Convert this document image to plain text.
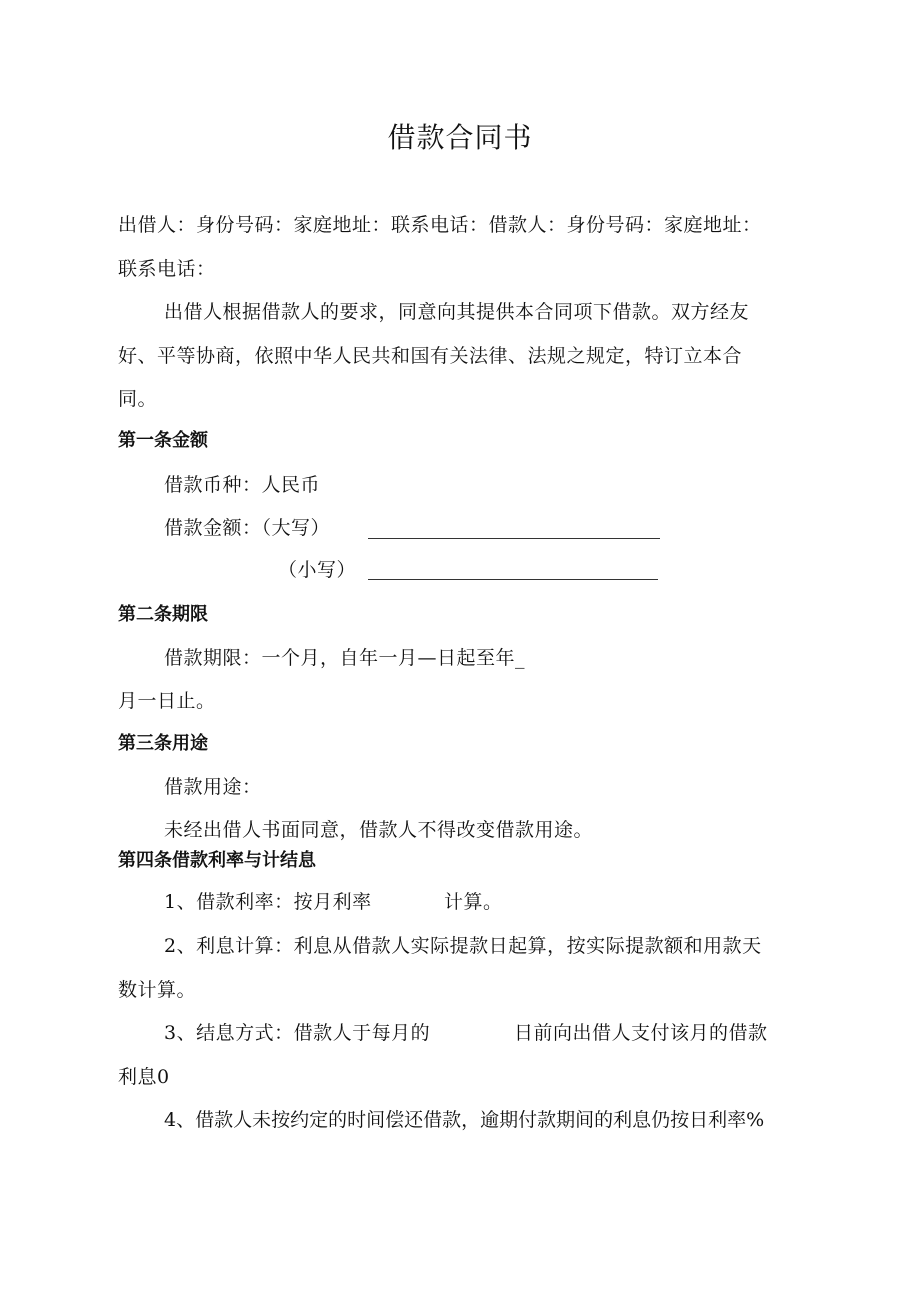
借款合同书
出借人：身份号码：家庭地址：联系电话：借款人：身份号码：家庭地址：
联系电话：
出借人根据借款人的要求，同意向其提供本合同项下借款。双方经友
好、平等协商，依照中华人民共和国有关法律、法规之规定，特订立本合
同。
第一条金额
借款币种：人民币
借款金额：（大写）
（小写）
第二条期限
借款期限：一个月，自年一月—日起至年_
月一日止。
第三条用途
借款用途：
未经出借人书面同意，借款人不得改变借款用途。
第四条借款利率与计结息
1、借款利率：按月利率	计算。
2、利息计算：利息从借款人实际提款日起算，按实际提款额和用款天
数计算。
3、结息方式：借款人于每月的	日前向出借人支付该月的借款
利息0
4、借款人未按约定的时间偿还借款，逾期付款期间的利息仍按日利率%
